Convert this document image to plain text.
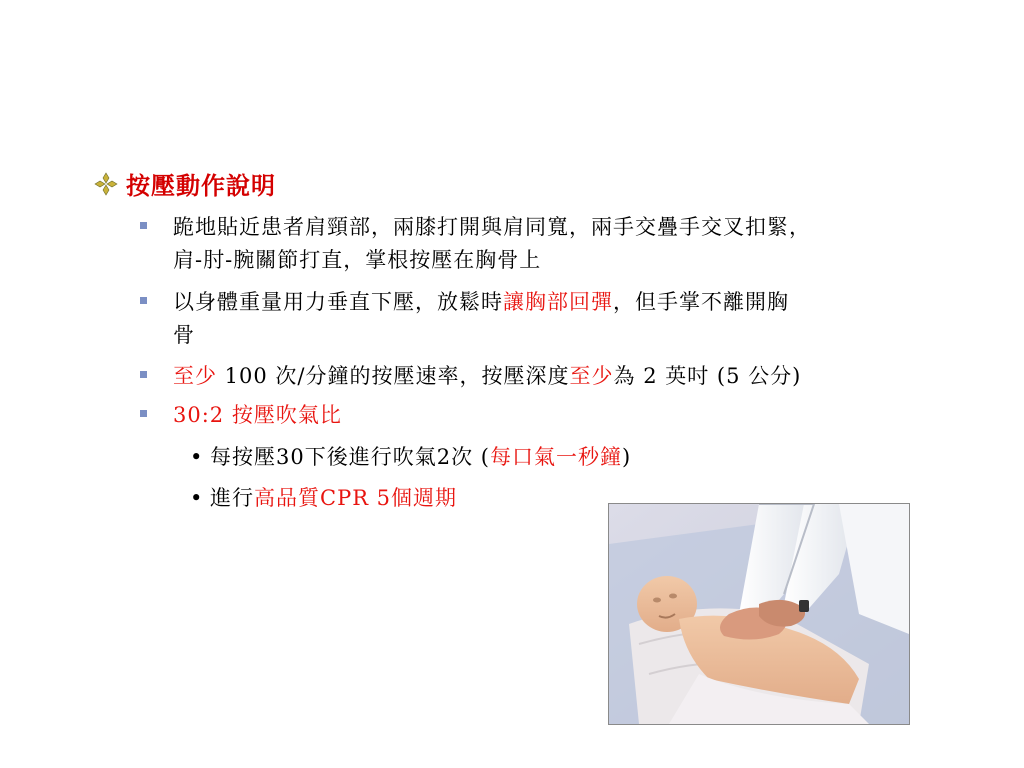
按壓動作說明
跪地貼近患者肩頸部，兩膝打開與肩同寬，兩手交疊手交叉扣緊，
肩-肘-腕關節打直，掌根按壓在胸骨上
以身體重量用力垂直下壓，放鬆時讓胸部回彈，但手掌不離開胸
骨
至少 100 次/分鐘的按壓速率，按壓深度至少為 2 英吋 (5 公分)
30:2 按壓吹氣比
• 每按壓30下後進行吹氣2次 (每口氣一秒鐘)
• 進行高品質CPR 5個週期
